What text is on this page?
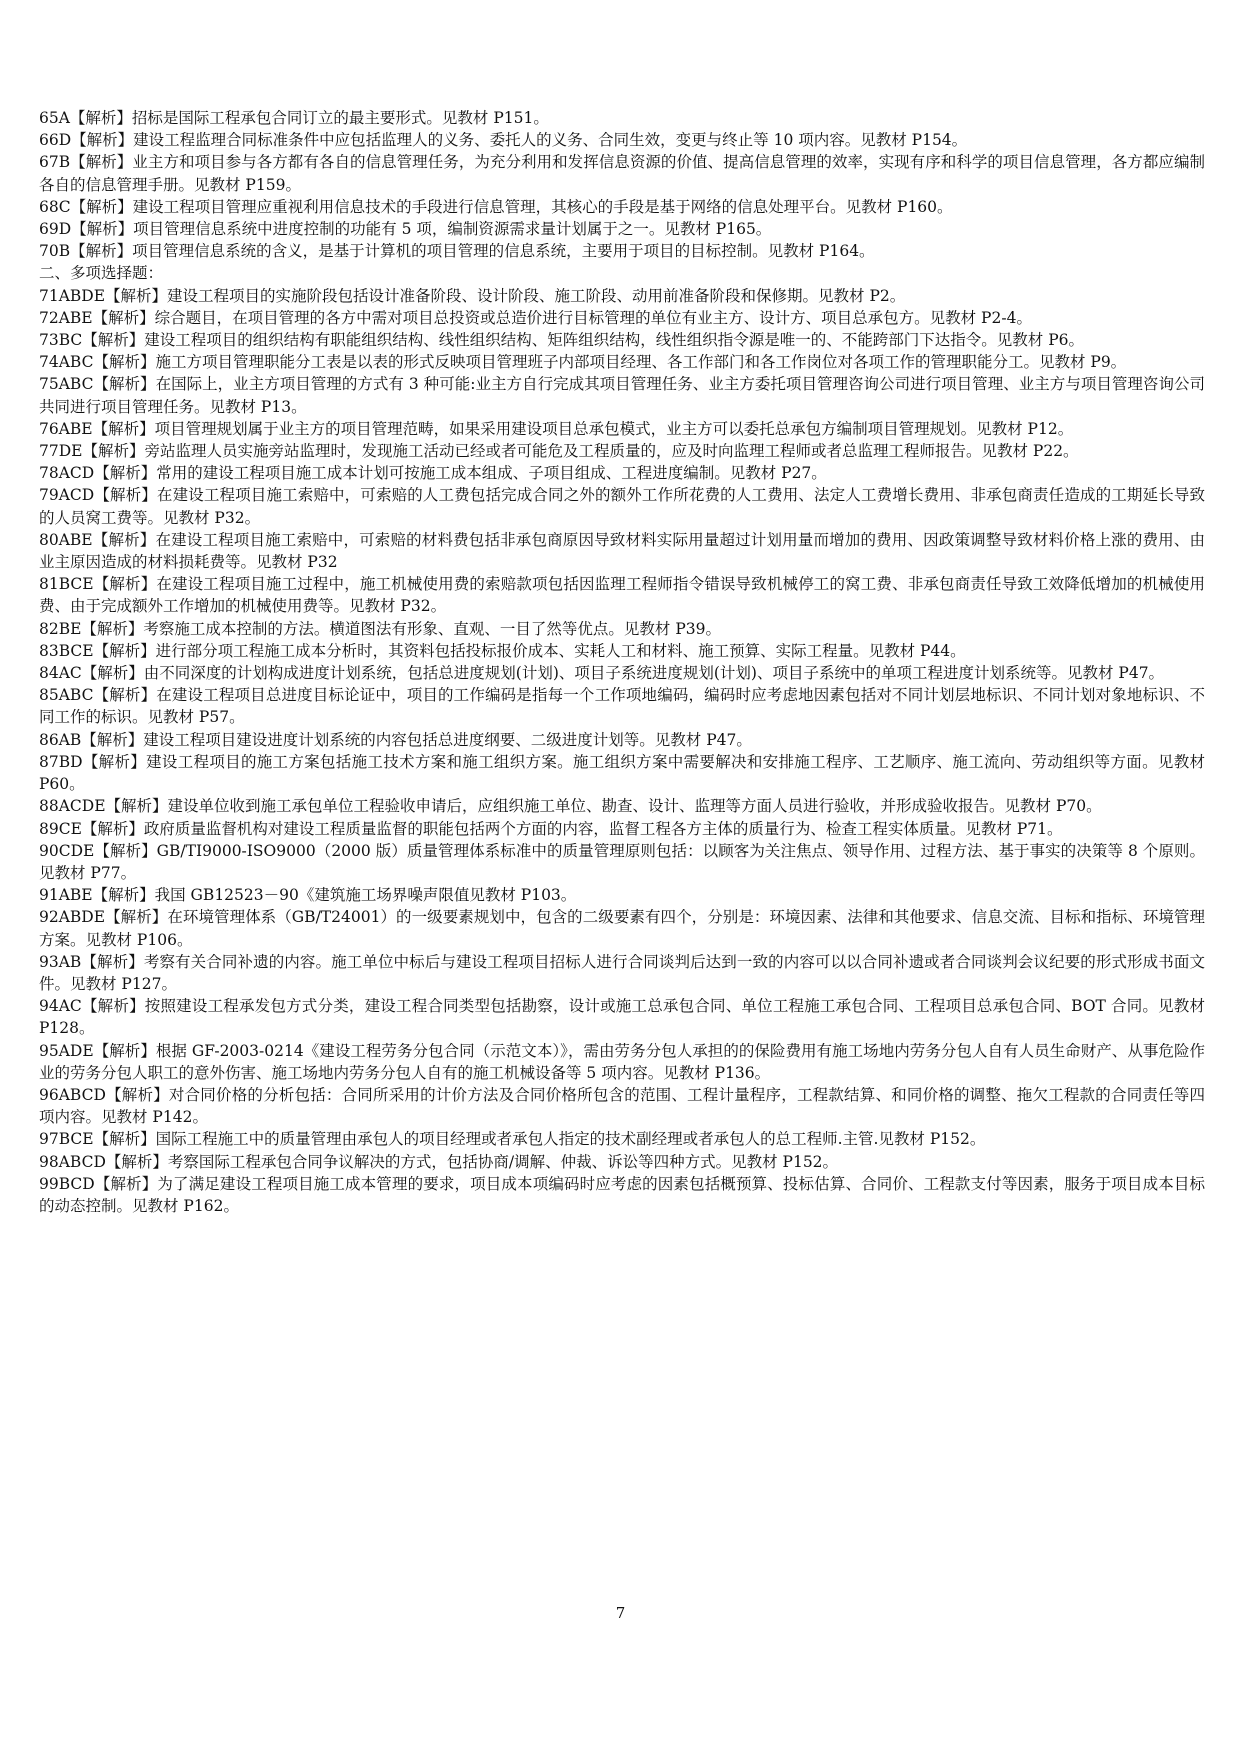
65A【解析】招标是国际工程承包合同订立的最主要形式。见教材 P151。

66D【解析】建设工程监理合同标准条件中应包括监理人的义务、委托人的义务、合同生效，变更与终止等 10 项内容。见教材 P154。

67B【解析】业主方和项目参与各方都有各自的信息管理任务，为充分利用和发挥信息资源的价值、提高信息管理的效率，实现有序和科学的项目信息管理，各方都应编制各自的信息管理手册。见教材 P159。

68C【解析】建设工程项目管理应重视利用信息技术的手段进行信息管理，其核心的手段是基于网络的信息处理平台。见教材 P160。

69D【解析】项目管理信息系统中进度控制的功能有 5 项，编制资源需求量计划属于之一。见教材 P165。

70B【解析】项目管理信息系统的含义，是基于计算机的项目管理的信息系统，主要用于项目的目标控制。见教材 P164。

二、多项选择题：

71ABDE【解析】建设工程项目的实施阶段包括设计准备阶段、设计阶段、施工阶段、动用前准备阶段和保修期。见教材 P2。

72ABE【解析】综合题目，在项目管理的各方中需对项目总投资或总造价进行目标管理的单位有业主方、设计方、项目总承包方。见教材 P2-4。

73BC【解析】建设工程项目的组织结构有职能组织结构、线性组织结构、矩阵组织结构，线性组织指令源是唯一的、不能跨部门下达指令。见教材 P6。

74ABC【解析】施工方项目管理职能分工表是以表的形式反映项目管理班子内部项目经理、各工作部门和各工作岗位对各项工作的管理职能分工。见教材 P9。

75ABC【解析】在国际上，业主方项目管理的方式有 3 种可能:业主方自行完成其项目管理任务、业主方委托项目管理咨询公司进行项目管理、业主方与项目管理咨询公司共同进行项目管理任务。见教材 P13。

76ABE【解析】项目管理规划属于业主方的项目管理范畴，如果采用建设项目总承包模式，业主方可以委托总承包方编制项目管理规划。见教材 P12。

77DE【解析】旁站监理人员实施旁站监理时，发现施工活动已经或者可能危及工程质量的，应及时向监理工程师或者总监理工程师报告。见教材 P22。

78ACD【解析】常用的建设工程项目施工成本计划可按施工成本组成、子项目组成、工程进度编制。见教材 P27。

79ACD【解析】在建设工程项目施工索赔中，可索赔的人工费包括完成合同之外的额外工作所花费的人工费用、法定人工费增长费用、非承包商责任造成的工期延长导致的人员窝工费等。见教材 P32。

80ABE【解析】在建设工程项目施工索赔中，可索赔的材料费包括非承包商原因导致材料实际用量超过计划用量而增加的费用、因政策调整导致材料价格上涨的费用、由业主原因造成的材料损耗费等。见教材 P32

81BCE【解析】在建设工程项目施工过程中，施工机械使用费的索赔款项包括因监理工程师指令错误导致机械停工的窝工费、非承包商责任导致工效降低增加的机械使用费、由于完成额外工作增加的机械使用费等。见教材 P32。

82BE【解析】考察施工成本控制的方法。横道图法有形象、直观、一目了然等优点。见教材 P39。

83BCE【解析】进行部分项工程施工成本分析时，其资料包括投标报价成本、实耗人工和材料、施工预算、实际工程量。见教材 P44。

84AC【解析】由不同深度的计划构成进度计划系统，包括总进度规划(计划)、项目子系统进度规划(计划)、项目子系统中的单项工程进度计划系统等。见教材 P47。

85ABC【解析】在建设工程项目总进度目标论证中，项目的工作编码是指每一个工作项地编码，编码时应考虑地因素包括对不同计划层地标识、不同计划对象地标识、不同工作的标识。见教材 P57。

86AB【解析】建设工程项目建设进度计划系统的内容包括总进度纲要、二级进度计划等。见教材 P47。

87BD【解析】建设工程项目的施工方案包括施工技术方案和施工组织方案。施工组织方案中需要解决和安排施工程序、工艺顺序、施工流向、劳动组织等方面。见教材 P60。

88ACDE【解析】建设单位收到施工承包单位工程验收申请后，应组织施工单位、勘查、设计、监理等方面人员进行验收，并形成验收报告。见教材 P70。

89CE【解析】政府质量监督机构对建设工程质量监督的职能包括两个方面的内容，监督工程各方主体的质量行为、检查工程实体质量。见教材 P71。

90CDE【解析】GB/TI9000-ISO9000（2000 版）质量管理体系标准中的质量管理原则包括：以顾客为关注焦点、领导作用、过程方法、基于事实的决策等 8 个原则。见教材 P77。

91ABE【解析】我国 GB12523－90《建筑施工场界噪声限值见教材 P103。

92ABDE【解析】在环境管理体系（GB/T24001）的一级要素规划中，包含的二级要素有四个，分别是：环境因素、法律和其他要求、信息交流、目标和指标、环境管理方案。见教材 P106。

93AB【解析】考察有关合同补遗的内容。施工单位中标后与建设工程项目招标人进行合同谈判后达到一致的内容可以以合同补遗或者合同谈判会议纪要的形式形成书面文件。见教材 P127。

94AC【解析】按照建设工程承发包方式分类，建设工程合同类型包括勘察，设计或施工总承包合同、单位工程施工承包合同、工程项目总承包合同、BOT 合同。见教材 P128。

95ADE【解析】根据 GF-2003-0214《建设工程劳务分包合同（示范文本）》，需由劳务分包人承担的的保险费用有施工场地内劳务分包人自有人员生命财产、从事危险作业的劳务分包人职工的意外伤害、施工场地内劳务分包人自有的施工机械设备等 5 项内容。见教材 P136。

96ABCD【解析】对合同价格的分析包括：合同所采用的计价方法及合同价格所包含的范围、工程计量程序，工程款结算、和同价格的调整、拖欠工程款的合同责任等四项内容。见教材 P142。

97BCE【解析】国际工程施工中的质量管理由承包人的项目经理或者承包人指定的技术副经理或者承包人的总工程师.主管.见教材 P152。

98ABCD【解析】考察国际工程承包合同争议解决的方式，包括协商/调解、仲裁、诉讼等四种方式。见教材 P152。

99BCD【解析】为了满足建设工程项目施工成本管理的要求，项目成本项编码时应考虑的因素包括概预算、投标估算、合同价、工程款支付等因素，服务于项目成本目标的动态控制。见教材 P162。

7
